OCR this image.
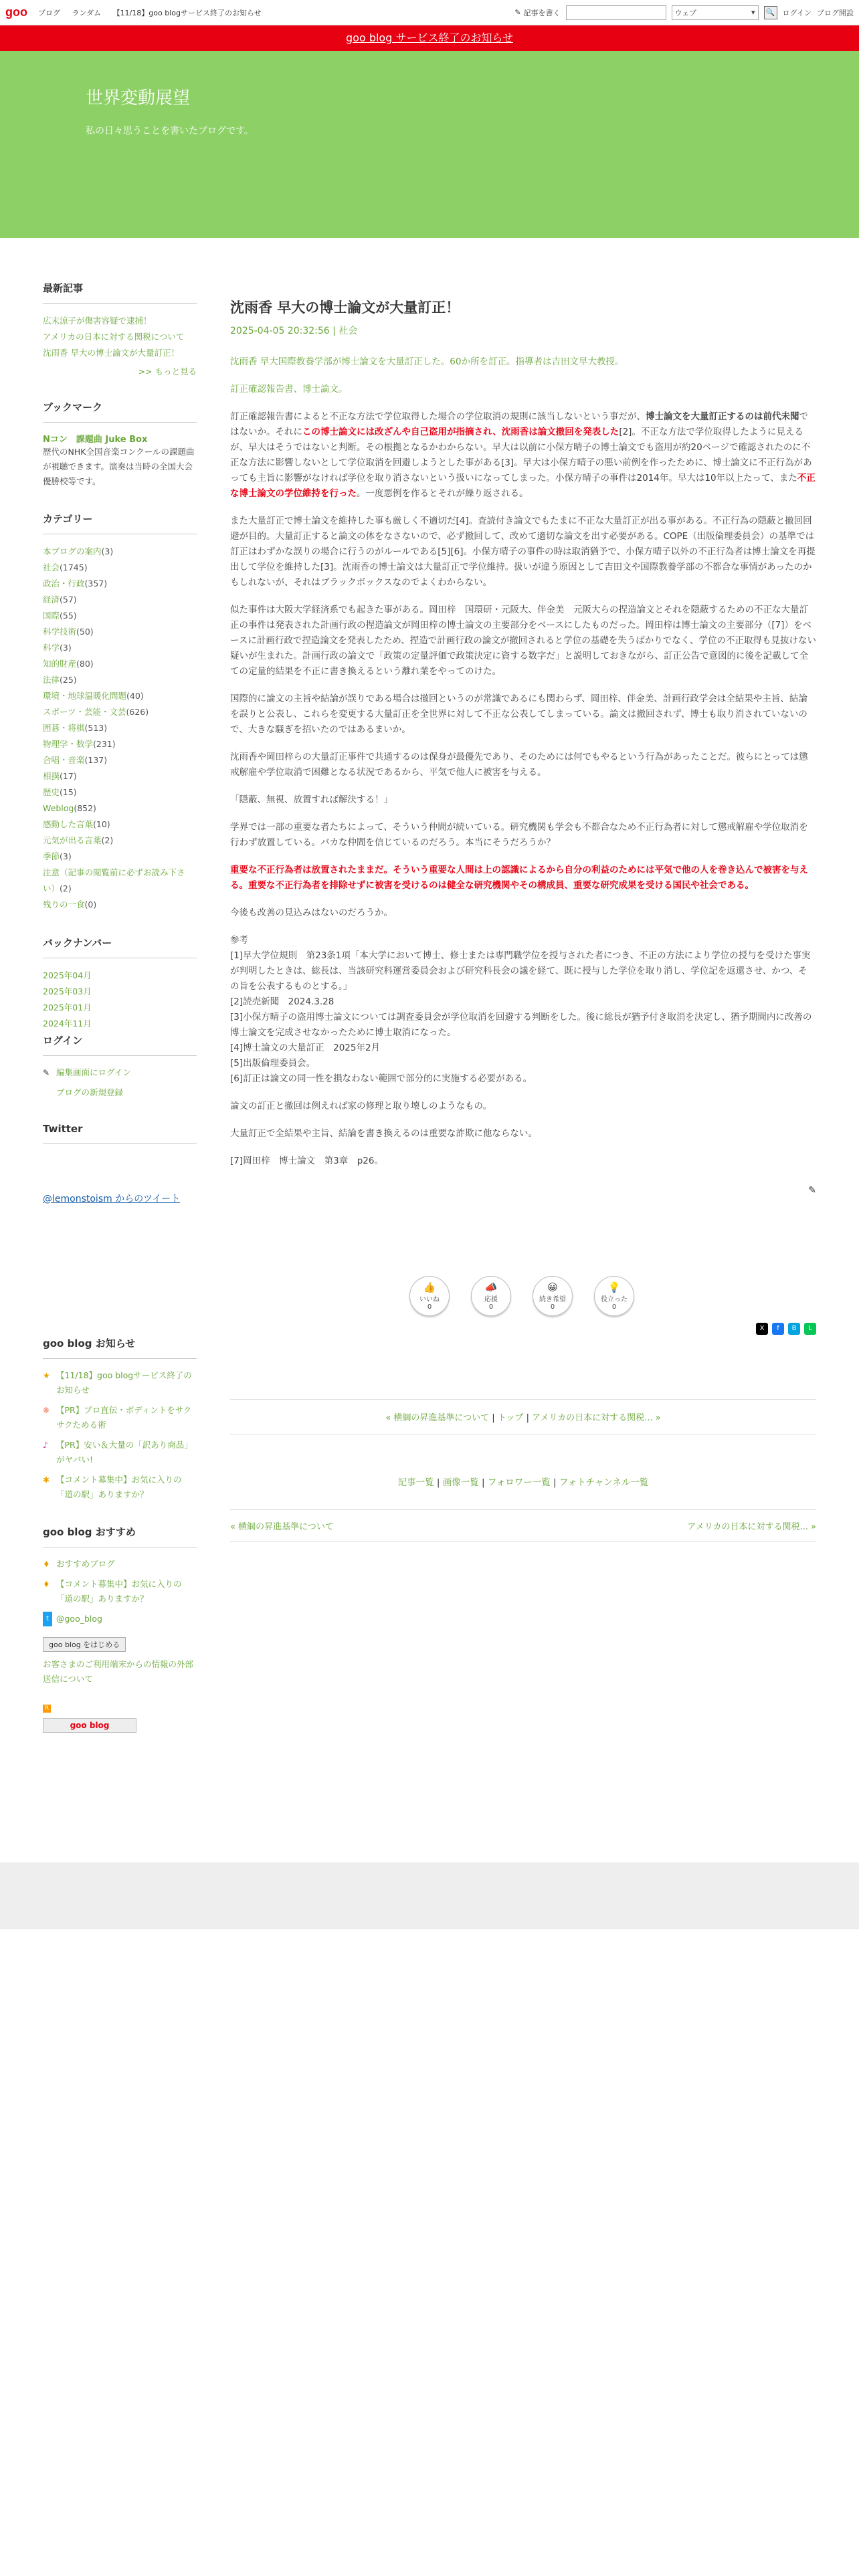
goo ブログ ランダム 【11/18】goo blogサービス終了のお知らせ	✎ 記事を書く	ウェブ	▾ 🔍 ログイン ブログ開設
goo blog サービス終了のお知らせ
世界変動展望
私の日々思うことを書いたブログです。
最新記事
広末涼子が傷害容疑で逮捕！
アメリカの日本に対する関税について
沈雨香 早大の博士論文が大量訂正！
>> もっと見る
ブックマーク
Nコン　課題曲 Juke Box
歴代のNHK全国音楽コンクールの課題曲が視聴できます。演奏は当時の全国大会優勝校等です。
カテゴリー
本ブログの案内(3)
社会(1745)
政治・行政(357)
経済(57)
国際(55)
科学技術(50)
科学(3)
知的財産(80)
法律(25)
環境・地球温暖化問題(40)
スポーツ・芸能・文芸(626)
囲碁・将棋(513)
物理学・数学(231)
合唱・音楽(137)
相撲(17)
歴史(15)
Weblog(852)
感動した言葉(10)
元気が出る言葉(2)
季節(3)
注意（記事の閲覧前に必ずお読み下さい）(2)
残りの一食(0)
バックナンバー
2025年04月
2025年03月
2025年01月
2024年11月
ログイン
✎ 編集画面にログイン
ブログの新規登録
Twitter
@lemonstoism からのツイート
goo blog お知らせ
★ 【11/18】goo blogサービス終了のお知らせ
❋ 【PR】プロ直伝・ボディントをサクサクためる術
♪ 【PR】安い＆大量の「訳あり商品」がヤバい!
✱ 【コメント募集中】お気に入りの「道の駅」ありますか？
goo blog おすすめ
♦ おすすめブログ
♦ 【コメント募集中】お気に入りの「道の駅」ありますか？
t @goo_blog
goo blog をはじめる
お客さまのご利用端末からの情報の外部送信について
R
goo blog
沈雨香 早大の博士論文が大量訂正！
2025-04-05 20:32:56 | 社会

沈雨香 早大国際教養学部が博士論文を大量訂正した。60か所を訂正。指導者は吉田文早大教授。

訂正確認報告書、博士論文。

訂正確認報告書によると不正な方法で学位取得した場合の学位取消の規則に該当しないという事だが、博士論文を大量訂正するのは前代未聞ではないか。それにこの博士論文には改ざんや自己盗用が指摘され、沈雨香は論文撤回を発表した[2]。不正な方法で学位取得したように見えるが、早大はそうではないと判断。その根拠となるかわからない。早大は以前に小保方晴子の博士論文でも盗用が約20ページで確認されたのに不正な方法に影響しないとして学位取消を回避しようとした事がある[3]。早大は小保方晴子の悪い前例を作ったために、博士論文に不正行為があっても主旨に影響がなければ学位を取り消さないという扱いになってしまった。小保方晴子の事件は2014年。早大は10年以上たって、また不正な博士論文の学位維持を行った。一度悪例を作るとそれが繰り返される。

また大量訂正で博士論文を維持した事も厳しく不適切だ[4]。査読付き論文でもたまに不正な大量訂正が出る事がある。不正行為の隠蔽と撤回回避が目的。大量訂正すると論文の体をなさないので、必ず撤回して、改めて適切な論文を出す必要がある。COPE（出版倫理委員会）の基準では訂正はわずかな誤りの場合に行うのがルールである[5][6]。小保方晴子の事件の時は取消猶予で、小保方晴子以外の不正行為者は博士論文を再提出して学位を維持した[3]。沈雨香の博士論文は大量訂正で学位維持。扱いが違う原因として吉田文や国際教養学部の不都合な事情があったのかもしれないが、それはブラックボックスなのでよくわからない。

似た事件は大阪大学経済系でも起きた事がある。岡田梓　国環研・元阪大、伴金美　元阪大らの捏造論文とそれを隠蔽するための不正な大量訂正の事件は発表された計画行政の捏造論文が岡田梓の博士論文の主要部分をベースにしたものだった。岡田梓は博士論文の主要部分（[7]）をベースに計画行政で捏造論文を発表したため、捏造で計画行政の論文が撤回されると学位の基礎を失うばかりでなく、学位の不正取得も見抜けない疑いが生まれた。計画行政の論文で「政策の定量評価で政策決定に資する数字だ」と説明しておきながら、訂正公告で意図的に後を記載して全ての定量的結果を不正に書き換えるという離れ業をやってのけた。

国際的に論文の主旨や結論が誤りである場合は撤回というのが常識であるにも関わらず、岡田梓、伴金美、計画行政学会は全結果や主旨、結論を誤りと公表し、これらを変更する大量訂正を全世界に対して不正な公表してしまっている。論文は撤回されず、博士も取り消されていないので、大きな騒ぎを招いたのではあるまいか。

沈雨香や岡田梓らの大量訂正事件で共通するのは保身が最優先であり、そのためには何でもやるという行為があったことだ。彼らにとっては懲戒解雇や学位取消で困難となる状況であるから、平気で他人に被害を与える。

「隠蔽、無視、放置すれば解決する！」

学界では一部の重要な者たちによって、そういう仲間が続いている。研究機関も学会も不都合なため不正行為者に対して懲戒解雇や学位取消を行わず放置している。バカな仲間を信じているのだろう。本当にそうだろうか？

重要な不正行為者は放置されたままだ。そういう重要な人間は上の認識によるから自分の利益のためには平気で他の人を巻き込んで被害を与える。重要な不正行為者を排除せずに被害を受けるのは健全な研究機関やその構成員、重要な研究成果を受ける国民や社会である。

今後も改善の見込みはないのだろうか。

参考
[1]早大学位規則　第23条1項「本大学において博士、修士または専門職学位を授与された者につき、不正の方法により学位の授与を受けた事実が判明したときは、総長は、当該研究科運営委員会および研究科長会の議を経て、既に授与した学位を取り消し、学位記を返還させ、かつ、その旨を公表するものとする。」
[2]読売新聞　2024.3.28
[3]小保方晴子の盗用博士論文については調査委員会が学位取消を回避する判断をした。後に総長が猶予付き取消を決定し、猶予期間内に改善の博士論文を完成させなかったために博士取消になった。
[4]博士論文の大量訂正　2025年2月
[5]出版倫理委員会。
[6]訂正は論文の同一性を損なわない範囲で部分的に実施する必要がある。

論文の訂正と撤回は例えれば家の修理と取り壊しのようなもの。

大量訂正で全結果や主旨、結論を書き換えるのは重要な詐欺に他ならない。

[7]岡田梓　博士論文　第3章　p26。

✎
👍
いいね
0
📣
応援
0
😀
続き希望
0
💡
役立った
0
X	f	B	L
« 横綱の昇進基準について | トップ | アメリカの日本に対する関税... »
記事一覧 | 画像一覧 | フォロワー一覧 | フォトチャンネル一覧
« 横綱の昇進基準について	アメリカの日本に対する関税... »
